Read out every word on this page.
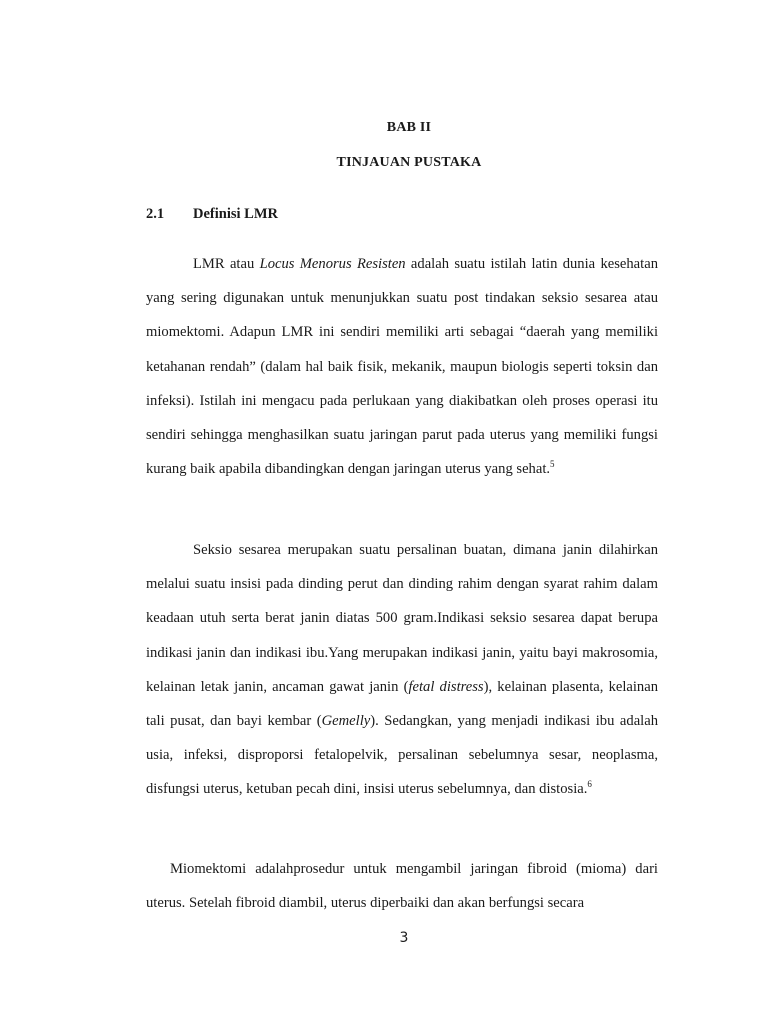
BAB II
TINJAUAN PUSTAKA
2.1 Definisi LMR

LMR atau Locus Menorus Resisten adalah suatu istilah latin dunia kesehatan yang sering digunakan untuk menunjukkan suatu post tindakan seksio sesarea atau miomektomi. Adapun LMR ini sendiri memiliki arti sebagai “daerah yang memiliki ketahanan rendah” (dalam hal baik fisik, mekanik, maupun biologis seperti toksin dan infeksi). Istilah ini mengacu pada perlukaan yang diakibatkan oleh proses operasi itu sendiri sehingga menghasilkan suatu jaringan parut pada uterus yang memiliki fungsi kurang baik apabila dibandingkan dengan jaringan uterus yang sehat.$^5$

Seksio sesarea merupakan suatu persalinan buatan, dimana janin dilahirkan melalui suatu insisi pada dinding perut dan dinding rahim dengan syarat rahim dalam keadaan utuh serta berat janin diatas 500 gram.Indikasi seksio sesarea dapat berupa indikasi janin dan indikasi ibu.Yang merupakan indikasi janin, yaitu bayi makrosomia, kelainan letak janin, ancaman gawat janin (fetal distress), kelainan plasenta, kelainan tali pusat, dan bayi kembar (Gemelly). Sedangkan, yang menjadi indikasi ibu adalah usia, infeksi, disproporsi fetalopelvik, persalinan sebelumnya sesar, neoplasma, disfungsi uterus, ketuban pecah dini, insisi uterus sebelumnya, dan distosia.$^6$

Miomektomi adalahprosedur untuk mengambil jaringan fibroid (mioma) dari uterus. Setelah fibroid diambil, uterus diperbaiki dan akan berfungsi secara

3
